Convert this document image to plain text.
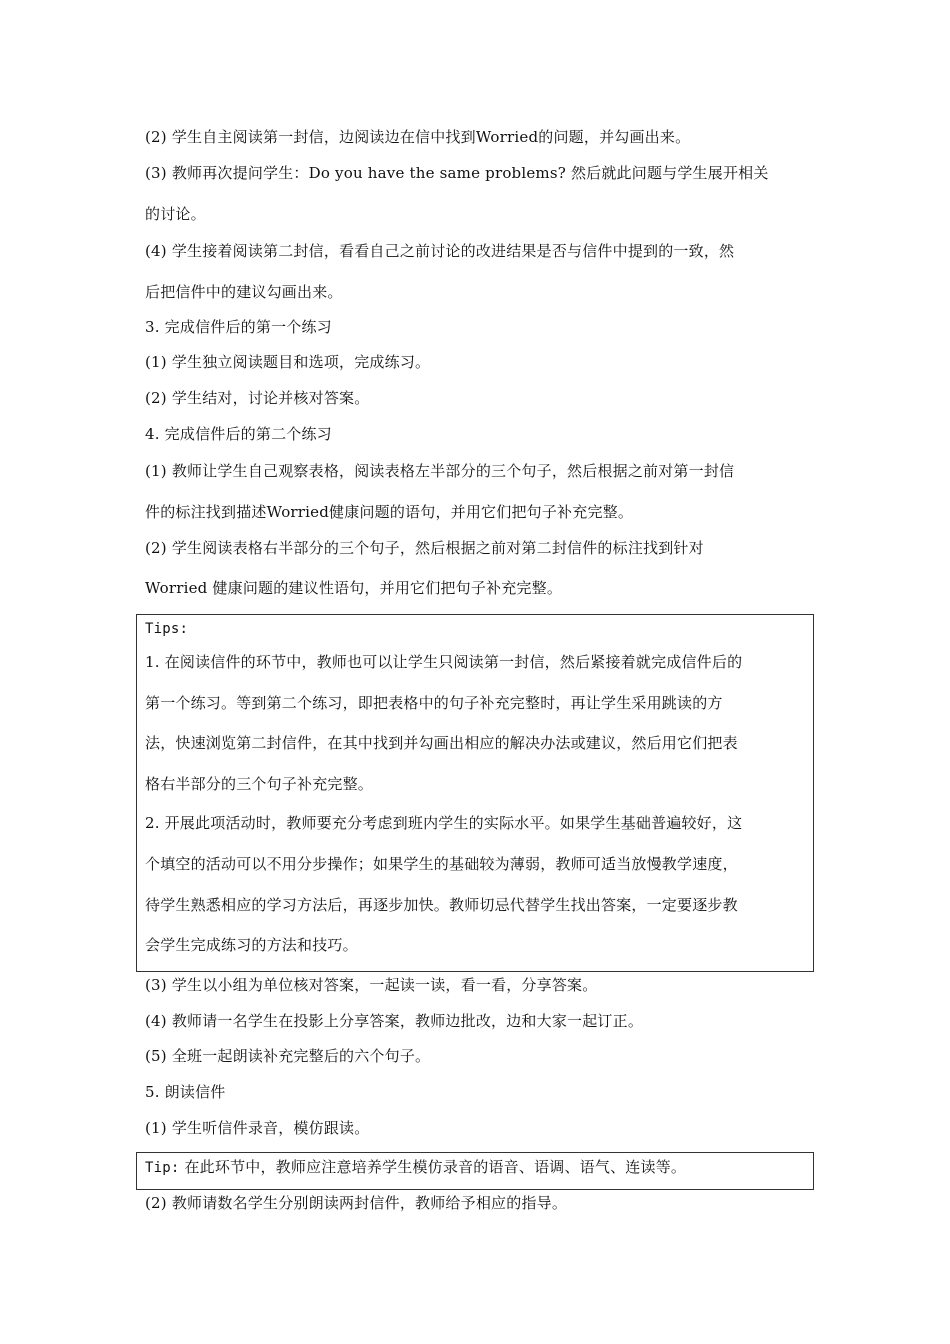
(2) 学生自主阅读第一封信，边阅读边在信中找到Worried的问题，并勾画出来。
(3) 教师再次提问学生：Do you have the same problems? 然后就此问题与学生展开相关
的讨论。
(4) 学生接着阅读第二封信，看看自己之前讨论的改进结果是否与信件中提到的一致，然
后把信件中的建议勾画出来。
3. 完成信件后的第一个练习
(1) 学生独立阅读题目和选项，完成练习。
(2) 学生结对，讨论并核对答案。
4. 完成信件后的第二个练习
(1) 教师让学生自己观察表格，阅读表格左半部分的三个句子，然后根据之前对第一封信
件的标注找到描述Worried健康问题的语句，并用它们把句子补充完整。
(2) 学生阅读表格右半部分的三个句子，然后根据之前对第二封信件的标注找到针对
Worried 健康问题的建议性语句，并用它们把句子补充完整。
Tips:
1. 在阅读信件的环节中，教师也可以让学生只阅读第一封信，然后紧接着就完成信件后的
第一个练习。等到第二个练习，即把表格中的句子补充完整时，再让学生采用跳读的方
法，快速浏览第二封信件，在其中找到并勾画出相应的解决办法或建议，然后用它们把表
格右半部分的三个句子补充完整。
2. 开展此项活动时，教师要充分考虑到班内学生的实际水平。如果学生基础普遍较好，这
个填空的活动可以不用分步操作；如果学生的基础较为薄弱，教师可适当放慢教学速度，
待学生熟悉相应的学习方法后，再逐步加快。教师切忌代替学生找出答案，一定要逐步教
会学生完成练习的方法和技巧。
(3) 学生以小组为单位核对答案，一起读一读，看一看，分享答案。
(4) 教师请一名学生在投影上分享答案，教师边批改，边和大家一起订正。
(5) 全班一起朗读补充完整后的六个句子。
5. 朗读信件
(1) 学生听信件录音，模仿跟读。
Tip: 在此环节中，教师应注意培养学生模仿录音的语音、语调、语气、连读等。
(2) 教师请数名学生分别朗读两封信件，教师给予相应的指导。
